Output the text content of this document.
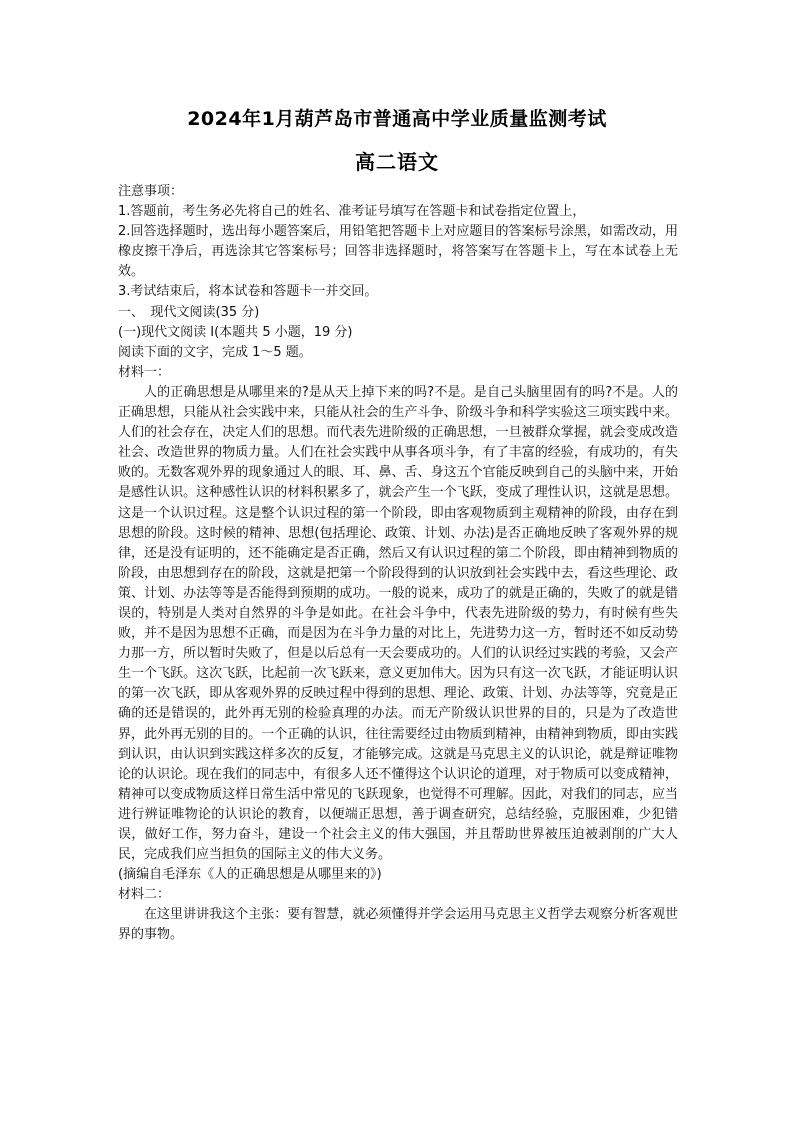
2024年1月葫芦岛市普通高中学业质量监测考试
高二语文

注意事项：

1.答题前，考生务必先将自己的姓名、准考证号填写在答题卡和试卷指定位置上，

2.回答选择题时，选出每小题答案后，用铅笔把答题卡上对应题目的答案标号涂黑，如需改动，用橡皮擦干净后，再选涂其它答案标号；回答非选择题时，将答案写在答题卡上，写在本试卷上无效。

3.考试结束后，将本试卷和答题卡一并交回。

一、　现代文阅读(35 分)

(一)现代文阅读 I(本题共 5 小题，19 分)

阅读下面的文字，完成 1～5 题。

材料一：

人的正确思想是从哪里来的?是从天上掉下来的吗?不是。是自己头脑里固有的吗?不是。人的正确思想，只能从社会实践中来，只能从社会的生产斗争、阶级斗争和科学实验这三项实践中来。人们的社会存在，决定人们的思想。而代表先进阶级的正确思想，一旦被群众掌握，就会变成改造社会、改造世界的物质力量。人们在社会实践中从事各项斗争，有了丰富的经验，有成功的，有失败的。无数客观外界的现象通过人的眼、耳、鼻、舌、身这五个官能反映到自己的头脑中来，开始是感性认识。这种感性认识的材料积累多了，就会产生一个飞跃，变成了理性认识，这就是思想。这是一个认识过程。这是整个认识过程的第一个阶段，即由客观物质到主观精神的阶段，由存在到思想的阶段。这时候的精神、思想(包括理论、政策、计划、办法)是否正确地反映了客观外界的规律，还是没有证明的，还不能确定是否正确，然后又有认识过程的第二个阶段，即由精神到物质的阶段，由思想到存在的阶段，这就是把第一个阶段得到的认识放到社会实践中去，看这些理论、政策、计划、办法等等是否能得到预期的成功。一般的说来，成功了的就是正确的，失败了的就是错误的，特别是人类对自然界的斗争是如此。在社会斗争中，代表先进阶级的势力，有时候有些失败，并不是因为思想不正确，而是因为在斗争力量的对比上，先进势力这一方，暂时还不如反动势力那一方，所以暂时失败了，但是以后总有一天会要成功的。人们的认识经过实践的考验，又会产生一个飞跃。这次飞跃，比起前一次飞跃来，意义更加伟大。因为只有这一次飞跃，才能证明认识的第一次飞跃，即从客观外界的反映过程中得到的思想、理论、政策、计划、办法等等，究竟是正确的还是错误的，此外再无别的检验真理的办法。而无产阶级认识世界的目的，只是为了改造世界，此外再无别的目的。一个正确的认识，往往需要经过由物质到精神，由精神到物质，即由实践到认识，由认识到实践这样多次的反复，才能够完成。这就是马克思主义的认识论，就是辩证唯物论的认识论。现在我们的同志中，有很多人还不懂得这个认识论的道理，对于物质可以变成精神，精神可以变成物质这样日常生活中常见的飞跃现象，也觉得不可理解。因此，对我们的同志，应当进行辨证唯物论的认识论的教育，以便端正思想，善于调查研究，总结经验，克服困难，少犯错误，做好工作，努力奋斗，建设一个社会主义的伟大强国，并且帮助世界被压迫被剥削的广大人民，完成我们应当担负的国际主义的伟大义务。

(摘编自毛泽东《人的正确思想是从哪里来的》)

材料二：

在这里讲讲我这个主张：要有智慧，就必须懂得并学会运用马克思主义哲学去观察分析客观世界的事物。
